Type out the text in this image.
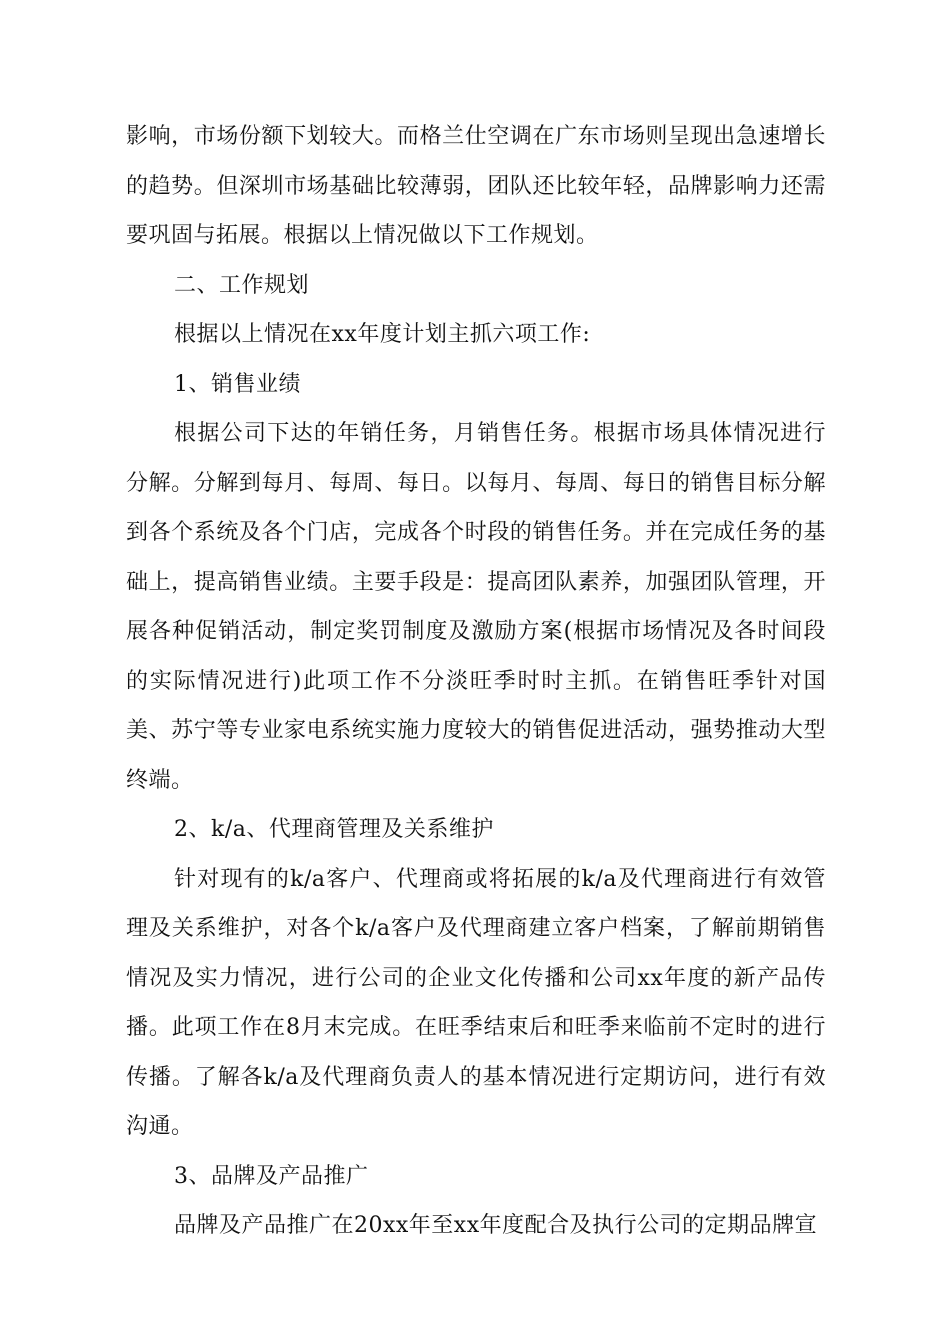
影响，市场份额下划较大。而格兰仕空调在广东市场则呈现出急速增长的趋势。但深圳市场基础比较薄弱，团队还比较年轻，品牌影响力还需要巩固与拓展。根据以上情况做以下工作规划。

二、工作规划

根据以上情况在xx年度计划主抓六项工作:

1、销售业绩

根据公司下达的年销任务，月销售任务。根据市场具体情况进行分解。分解到每月、每周、每日。以每月、每周、每日的销售目标分解到各个系统及各个门店，完成各个时段的销售任务。并在完成任务的基础上，提高销售业绩。主要手段是：提高团队素养，加强团队管理，开展各种促销活动，制定奖罚制度及激励方案(根据市场情况及各时间段的实际情况进行)此项工作不分淡旺季时时主抓。在销售旺季针对国美、苏宁等专业家电系统实施力度较大的销售促进活动，强势推动大型终端。

2、k/a、代理商管理及关系维护

针对现有的k/a客户、代理商或将拓展的k/a及代理商进行有效管理及关系维护，对各个k/a客户及代理商建立客户档案，了解前期销售情况及实力情况，进行公司的企业文化传播和公司xx年度的新产品传播。此项工作在8月末完成。在旺季结束后和旺季来临前不定时的进行传播。了解各k/a及代理商负责人的基本情况进行定期访问，进行有效沟通。

3、品牌及产品推广

品牌及产品推广在20xx年至xx年度配合及执行公司的定期品牌宣
